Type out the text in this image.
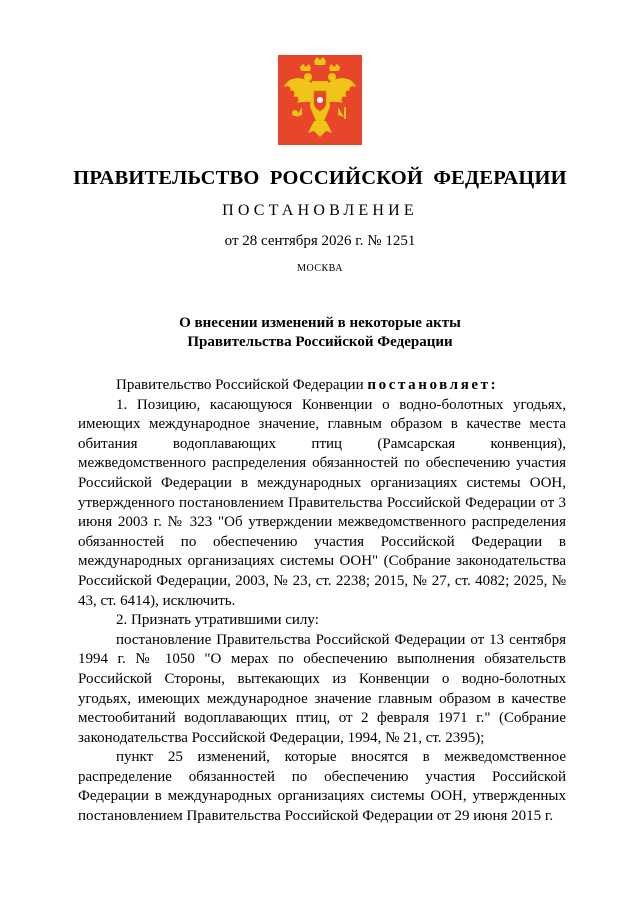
ПРАВИТЕЛЬСТВО РОССИЙСКОЙ ФЕДЕРАЦИИ
ПОСТАНОВЛЕНИЕ
от 28 сентября 2026 г. № 1251
МОСКВА
О внесении изменений в некоторые акты
Правительства Российской Федерации

Правительство Российской Федерации постановляет:

1. Позицию, касающуюся Конвенции о водно-болотных угодьях, имеющих международное значение, главным образом в качестве места обитания водоплавающих птиц (Рамсарская конвенция), межведомственного распределения обязанностей по обеспечению участия Российской Федерации в международных организациях системы ООН, утвержденного постановлением Правительства Российской Федерации от 3 июня 2003 г. № 323 "Об утверждении межведомственного распределения обязанностей по обеспечению участия Российской Федерации в международных организациях системы ООН" (Собрание законодательства Российской Федерации, 2003, № 23, ст. 2238; 2015, № 27, ст. 4082; 2025, № 43, ст. 6414), исключить.

2. Признать утратившими силу:

постановление Правительства Российской Федерации от 13 сентября 1994 г. № 1050 "О мерах по обеспечению выполнения обязательств Российской Стороны, вытекающих из Конвенции о водно-болотных угодьях, имеющих международное значение главным образом в качестве местообитаний водоплавающих птиц, от 2 февраля 1971 г." (Собрание законодательства Российской Федерации, 1994, № 21, ст. 2395);

пункт 25 изменений, которые вносятся в межведомственное распределение обязанностей по обеспечению участия Российской Федерации в международных организациях системы ООН, утвержденных постановлением Правительства Российской Федерации от 29 июня 2015 г.
